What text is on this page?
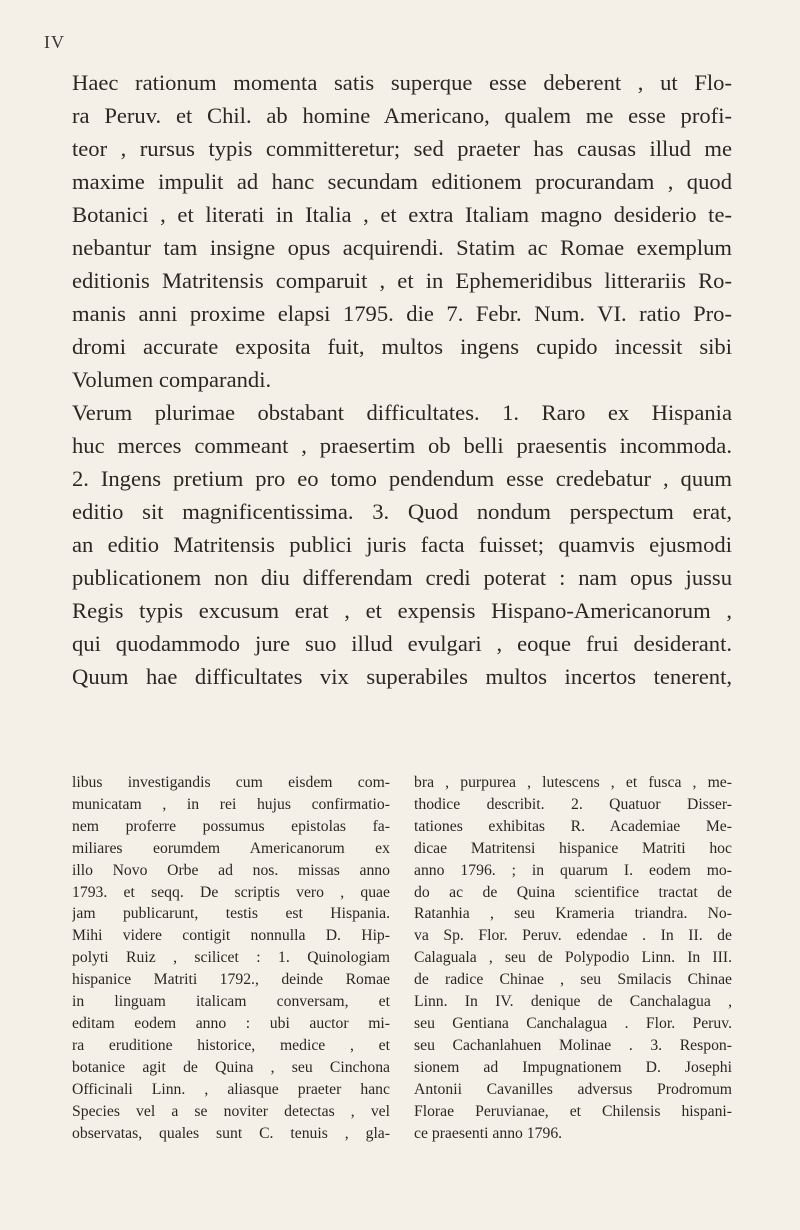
IV

Haec rationum momenta satis superque esse deberent , ut Flo-

ra Peruv. et Chil. ab homine Americano, qualem me esse profi-

teor , rursus typis committeretur; sed praeter has causas illud me

maxime impulit ad hanc secundam editionem procurandam , quod

Botanici , et literati in Italia , et extra Italiam magno desiderio te-

nebantur tam insigne opus acquirendi. Statim ac Romae exemplum

editionis Matritensis comparuit , et in Ephemeridibus litterariis Ro-

manis anni proxime elapsi 1795. die 7. Febr. Num. VI. ratio Pro-

dromi accurate exposita fuit, multos ingens cupido incessit sibi

Volumen comparandi.

Verum plurimae obstabant difficultates. 1. Raro ex Hispania

huc merces commeant , praesertim ob belli praesentis incommoda.

2. Ingens pretium pro eo tomo pendendum esse credebatur , quum

editio sit magnificentissima. 3. Quod nondum perspectum erat,

an editio Matritensis publici juris facta fuisset; quamvis ejusmodi

publicationem non diu differendam credi poterat : nam opus jussu

Regis typis excusum erat , et expensis Hispano-Americanorum ,

qui quodammodo jure suo illud evulgari , eoque frui desiderant.

Quum hae difficultates vix superabiles multos incertos tenerent,

libus investigandis cum eisdem com-

municatam , in rei hujus confirmatio-

nem proferre possumus epistolas fa-

miliares eorumdem Americanorum ex

illo Novo Orbe ad nos. missas anno

1793. et seqq. De scriptis vero , quae

jam publicarunt, testis est Hispania.

Mihi videre contigit nonnulla D. Hip-

polyti Ruiz , scilicet : 1. Quinologiam

hispanice Matriti 1792., deinde Romae

in linguam italicam conversam, et

editam eodem anno : ubi auctor mi-

ra eruditione historice, medice , et

botanice agit de Quina , seu Cinchona

Officinali Linn. , aliasque praeter hanc

Species vel a se noviter detectas , vel

observatas, quales sunt C. tenuis , gla-

bra , purpurea , lutescens , et fusca , me-

thodice describit. 2. Quatuor Disser-

tationes exhibitas R. Academiae Me-

dicae Matritensi hispanice Matriti hoc

anno 1796. ; in quarum I. eodem mo-

do ac de Quina scientifice tractat de

Ratanhia , seu Krameria triandra. No-

va Sp. Flor. Peruv. edendae . In II. de

Calaguala , seu de Polypodio Linn. In III.

de radice Chinae , seu Smilacis Chinae

Linn. In IV. denique de Canchalagua ,

seu Gentiana Canchalagua . Flor. Peruv.

seu Cachanlahuen Molinae . 3. Respon-

sionem ad Impugnationem D. Josephi

Antonii Cavanilles adversus Prodromum

Florae Peruvianae, et Chilensis hispani-

ce praesenti anno 1796.
